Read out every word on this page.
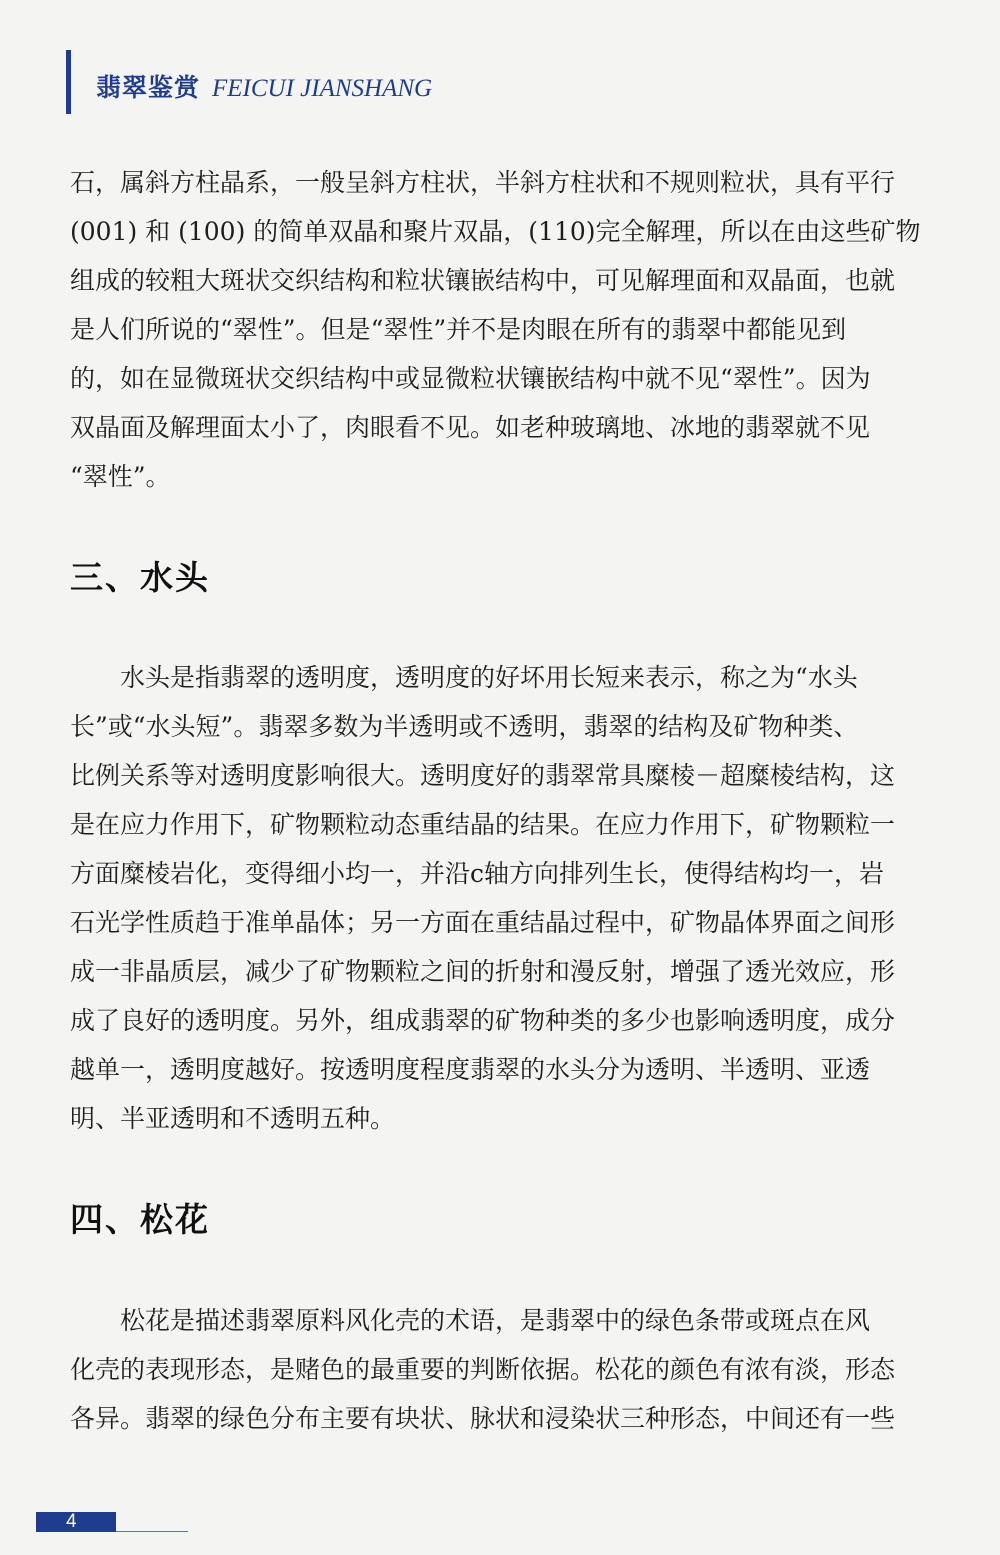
翡翠鉴赏 FEICUI JIANSHANG

石，属斜方柱晶系，一般呈斜方柱状，半斜方柱状和不规则粒状，具有平行
(001) 和 (100) 的简单双晶和聚片双晶，(110)完全解理，所以在由这些矿物
组成的较粗大斑状交织结构和粒状镶嵌结构中，可见解理面和双晶面，也就
是人们所说的“翠性”。但是“翠性”并不是肉眼在所有的翡翠中都能见到
的，如在显微斑状交织结构中或显微粒状镶嵌结构中就不见“翠性”。因为
双晶面及解理面太小了，肉眼看不见。如老种玻璃地、冰地的翡翠就不见
“翠性”。

三、水头

水头是指翡翠的透明度，透明度的好坏用长短来表示，称之为“水头
长”或“水头短”。翡翠多数为半透明或不透明，翡翠的结构及矿物种类、
比例关系等对透明度影响很大。透明度好的翡翠常具糜棱－超糜棱结构，这
是在应力作用下，矿物颗粒动态重结晶的结果。在应力作用下，矿物颗粒一
方面糜棱岩化，变得细小均一，并沿c轴方向排列生长，使得结构均一，岩
石光学性质趋于准单晶体；另一方面在重结晶过程中，矿物晶体界面之间形
成一非晶质层，减少了矿物颗粒之间的折射和漫反射，增强了透光效应，形
成了良好的透明度。另外，组成翡翠的矿物种类的多少也影响透明度，成分
越单一，透明度越好。按透明度程度翡翠的水头分为透明、半透明、亚透
明、半亚透明和不透明五种。

四、松花

松花是描述翡翠原料风化壳的术语，是翡翠中的绿色条带或斑点在风
化壳的表现形态，是赌色的最重要的判断依据。松花的颜色有浓有淡，形态
各异。翡翠的绿色分布主要有块状、脉状和浸染状三种形态，中间还有一些

4
